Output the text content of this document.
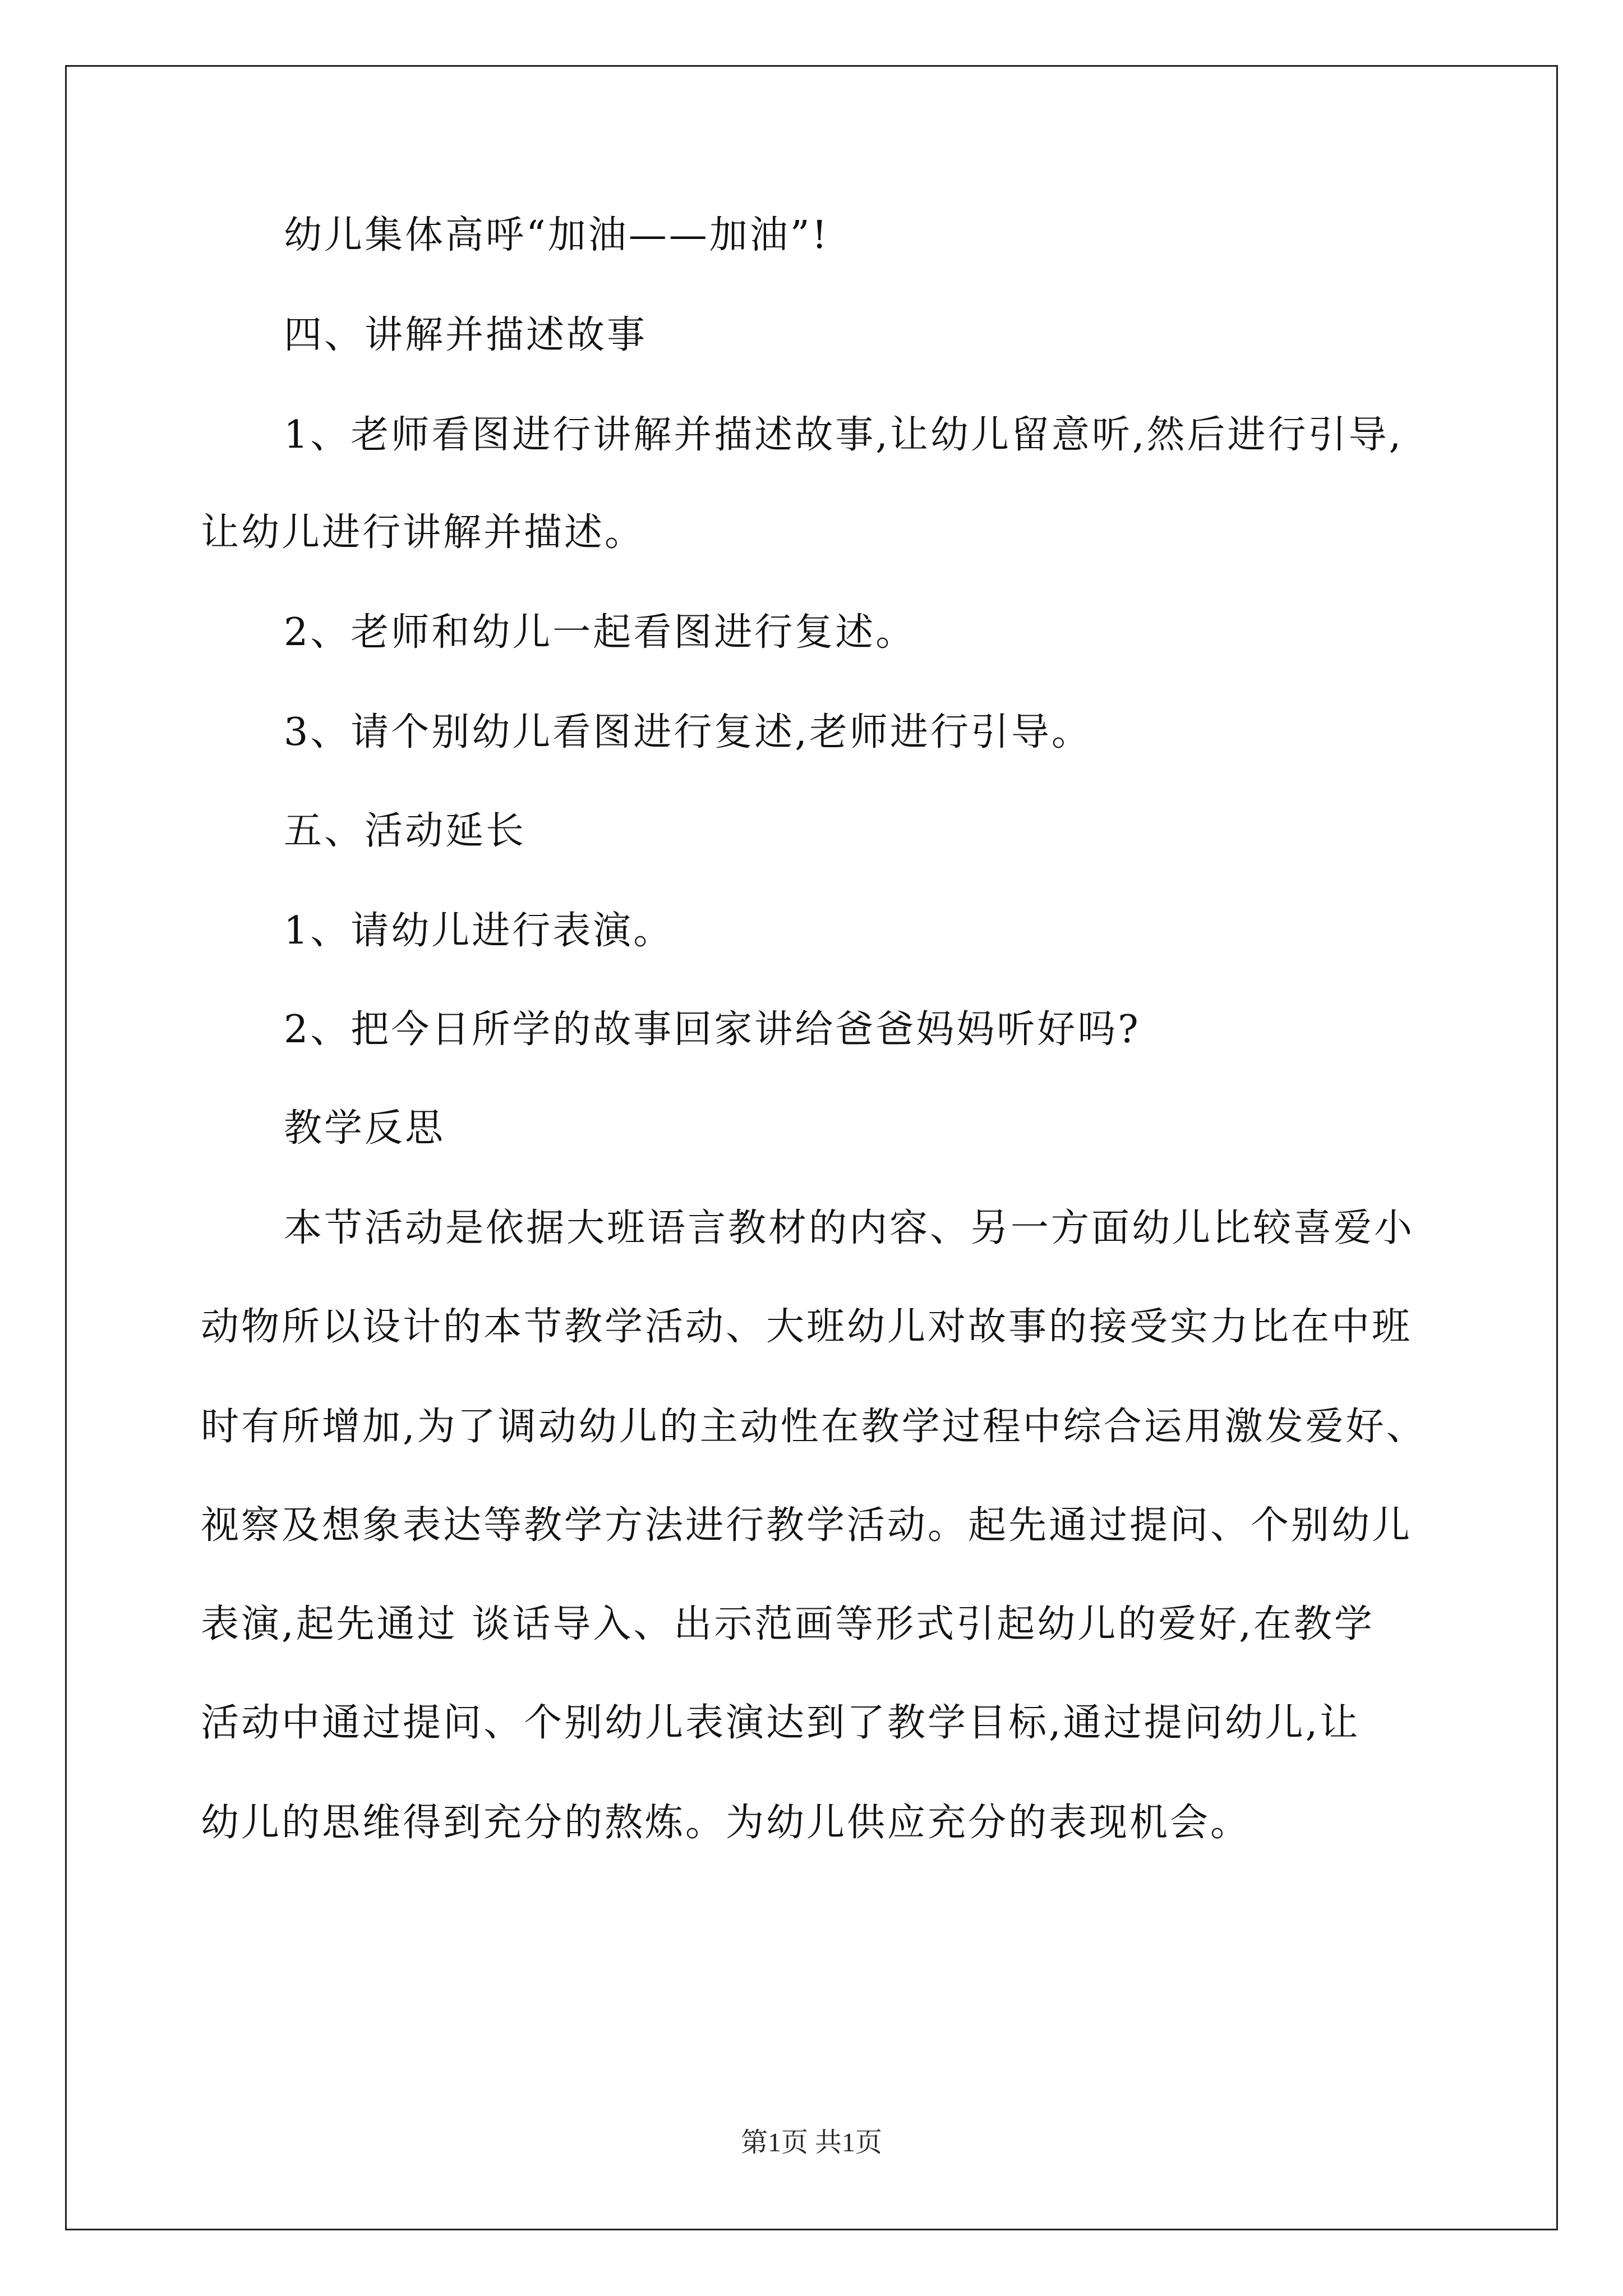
幼儿集体高呼“加油——加油”!
四、讲解并描述故事
1、老师看图进行讲解并描述故事,让幼儿留意听,然后进行引导,
让幼儿进行讲解并描述。
2、老师和幼儿一起看图进行复述。
3、请个别幼儿看图进行复述,老师进行引导。
五、活动延长
1、请幼儿进行表演。
2、把今日所学的故事回家讲给爸爸妈妈听好吗?
教学反思
本节活动是依据大班语言教材的内容、另一方面幼儿比较喜爱小
动物所以设计的本节教学活动、大班幼儿对故事的接受实力比在中班
时有所增加,为了调动幼儿的主动性在教学过程中综合运用激发爱好、
视察及想象表达等教学方法进行教学活动。起先通过提问、个别幼儿
表演,起先通过 谈话导入、出示范画等形式引起幼儿的爱好,在教学
活动中通过提问、个别幼儿表演达到了教学目标,通过提问幼儿,让
幼儿的思维得到充分的熬炼。为幼儿供应充分的表现机会。
第1页 共1页
